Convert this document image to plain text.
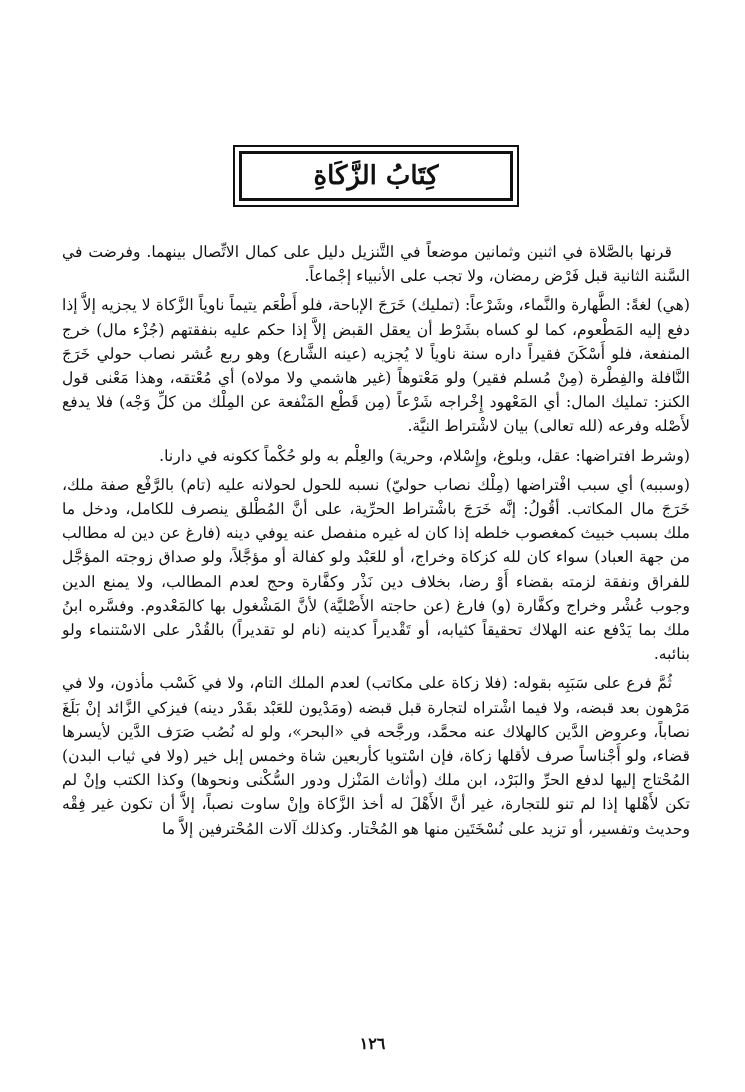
كِتَابُ الزَّكَاةِ

قرنها بالصَّلاة في اثنين وثمانين موضعاً في التَّنزيل دليل على كمال الاتِّصال بينهما. وفرضت في السَّنة الثانية قبل فَرْض رمضان، ولا تجب على الأنبياء إجْماعاً.

(هي) لغةً: الطَّهارة والنَّماء، وشَرْعاً: (تمليك) خَرَجَ الإباحة، فلو أَطْعَم يتيماً ناوياً الزَّكاة لا يجزيه إلاَّ إذا دفع إليه المَطْعوم، كما لو كساه بشَرْط أن يعقل القبض إلاَّ إذا حكم عليه بنفقتهم (جُزْء مال) خرج المنفعة، فلو أَسْكَنَ فقيراً داره سنة ناوياً لا يُجزيه (عينه الشَّارع) وهو ربع عُشر نصاب حولي خَرَجَ النَّافلة والفِطْرة (مِنْ مُسلم فقير) ولو مَعْتوهاً (غير هاشمي ولا مولاه) أي مُعْتقه، وهذا مَعْنى قول الكنز: تمليك المال: أي المَعْهود إِخْراجه شَرْعاً (مِن قَطْع المَنْفعة عن المِلْك من كلِّ وَجْه) فلا يدفع لأَصْله وفرعه (لله تعالى) بيان لاشْتراط النيَّة.

(وشرط افتراضها: عقل، وبلوغ، وإِسْلام، وحرية) والعِلْم به ولو حُكْماً ككونه في دارنا.

(وسببه) أي سبب افْتراضها (مِلْك نصاب حوليّ) نسبه للحول لحولانه عليه (تام) بالرَّفْع صفة ملك، خَرَجَ مال المكاتب. أقُولُ: إنَّه خَرَجَ باشْتراط الحرِّية، على أنَّ المُطْلق ينصرف للكامل، ودخل ما ملك بسبب خبيث كمغصوب خلطه إذا كان له غيره منفصل عنه يوفي دينه (فارغ عن دين له مطالب من جهة العباد) سواء كان لله كزكاة وخراج، أو للعَبْد ولو كفالة أو مؤجَّلاً، ولو صداق زوجته المؤجَّل للفراق ونفقة لزمته بقضاء أَوْ رضا، بخلاف دين نَذْر وكفَّارة وحج لعدم المطالب، ولا يمنع الدين وجوب عُشْر وخراج وكفَّارة (و) فارغ (عن حاجته الأَصْليَّة) لأنَّ المَشْغول بها كالمَعْدوم. وفسَّره ابنُ ملك بما يَدْفع عنه الهلاك تحقيقاً كثيابه، أو تَقْديراً كدينه (نام لو تقديراً) بالقُدْر على الاسْتنماء ولو بنائبه.

ثُمَّ فرع على سَبَبِه بقوله: (فلا زكاة على مكاتب) لعدم الملك التام، ولا في كَسْب مأذون، ولا في مَرْهون بعد قبضه، ولا فيما اشْتراه لتجارة قبل قبضه (ومَدْيون للعَبْد بقَدْر دينه) فيزكي الزَّائد إنْ بَلَغَ نصاباً، وعروض الدَّين كالهلاك عنه محمَّد، ورجَّحه في «البحر»، ولو له نُصُب صَرَف الدَّين لأيسرها قضاء، ولو أَجْناساً صرف لأقلها زكاة، فإن اسْتويا كأربعين شاة وخمس إبل خير (ولا في ثياب البدن) المُحْتاج إليها لدفع الحرِّ والبَرْد، ابن ملك (وأثاث المَنْزل ودور السُّكْنى ونحوها) وكذا الكتب وإنْ لم تكن لأَهْلها إذا لم تنو للتجارة، غير أنَّ الأَهْلَ له أخذ الزَّكاة وإنْ ساوت نصباً، إلاَّ أن تكون غير فِقْه وحديث وتفسير، أو تزيد على نُسْخَتَين منها هو المُخْتار. وكذلك آلات المُحْترفين إلاَّ ما

١٢٦
